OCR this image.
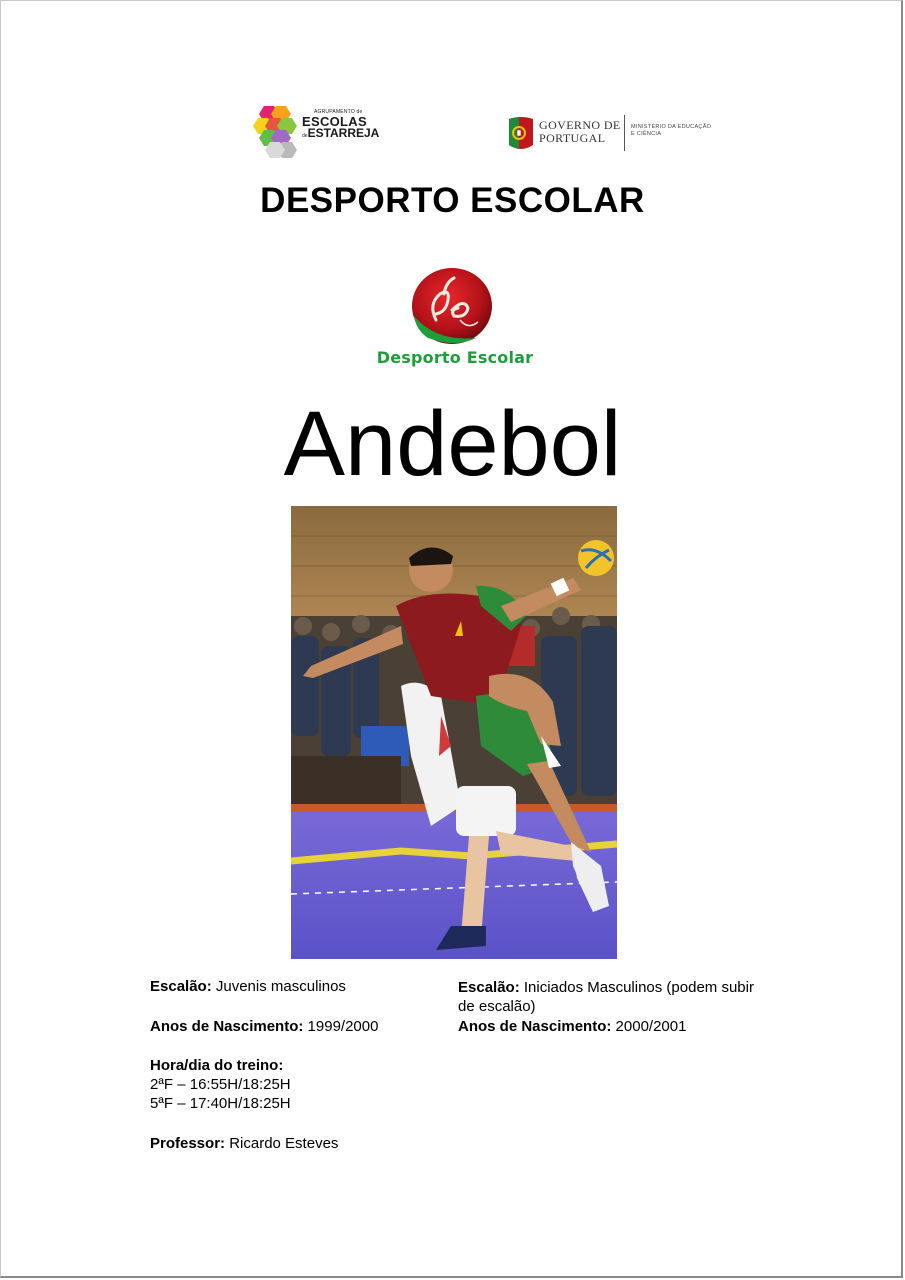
AGRUPAMENTO de
ESCOLAS
deESTARREJA
GOVERNO DE
PORTUGAL
MINISTÉRIO DA EDUCAÇÃO
E CIÊNCIA
DESPORTO ESCOLAR
Desporto Escolar
Andebol
Escalão: Juvenis masculinos
Anos de Nascimento: 1999/2000
Hora/dia do treino:
2ªF – 16:55H/18:25H
5ªF – 17:40H/18:25H
Professor: Ricardo Esteves
Escalão: Iniciados Masculinos (podem subir de escalão)
Anos de Nascimento: 2000/2001
